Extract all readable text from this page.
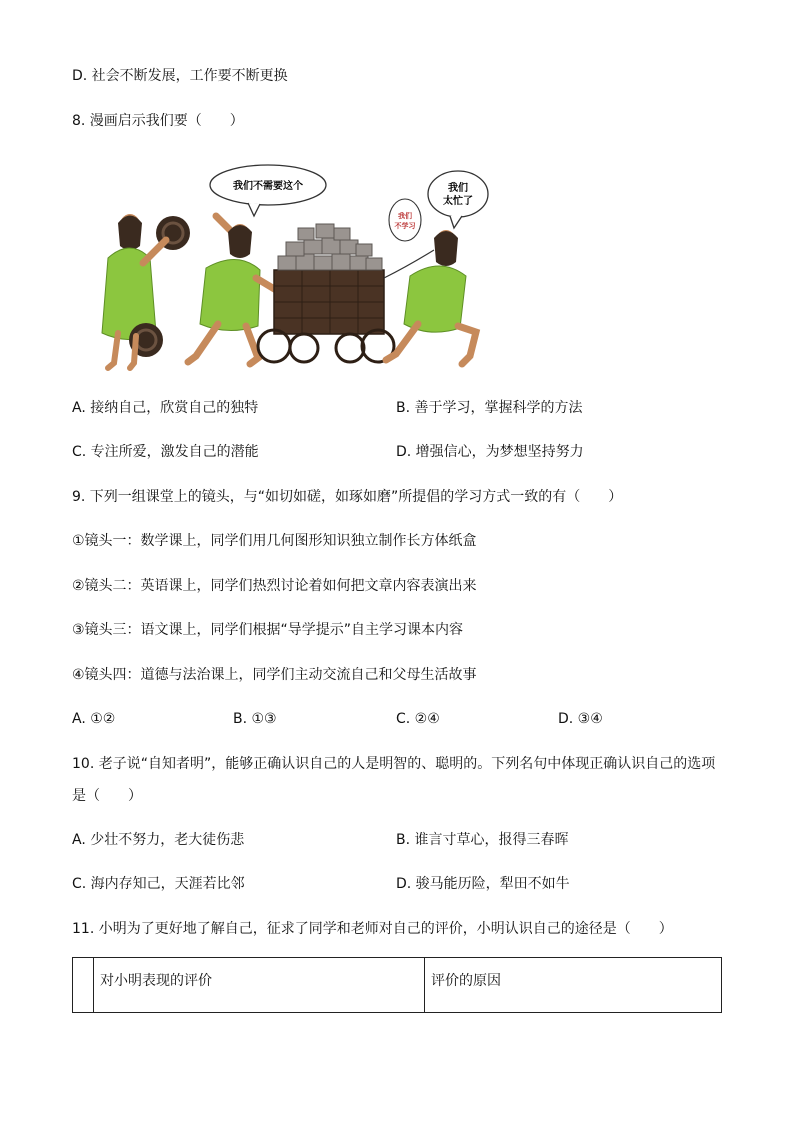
D. 社会不断发展，工作要不断更换
8. 漫画启示我们要（　　）
我们不需要这个
我们
不学习
我们
太忙了
A. 接纳自己，欣赏自己的独特	B. 善于学习，掌握科学的方法
C. 专注所爱，激发自己的潜能	D. 增强信心，为梦想坚持努力
9. 下列一组课堂上的镜头，与“如切如磋，如琢如磨”所提倡的学习方式一致的有（　　）
①镜头一：数学课上，同学们用几何图形知识独立制作长方体纸盒
②镜头二：英语课上，同学们热烈讨论着如何把文章内容表演出来
③镜头三：语文课上，同学们根据“导学提示”自主学习课本内容
④镜头四：道德与法治课上，同学们主动交流自己和父母生活故事
A. ①②	B. ①③	C. ②④	D. ③④
10. 老子说“自知者明”，能够正确认识自己的人是明智的、聪明的。下列名句中体现正确认识自己的选项
是（　　）
A. 少壮不努力，老大徒伤悲	B. 谁言寸草心，报得三春晖
C. 海内存知己，天涯若比邻	D. 骏马能历险，犁田不如牛
11. 小明为了更好地了解自己，征求了同学和老师对自己的评价，小明认识自己的途径是（　　）
	对小明表现的评价	评价的原因
